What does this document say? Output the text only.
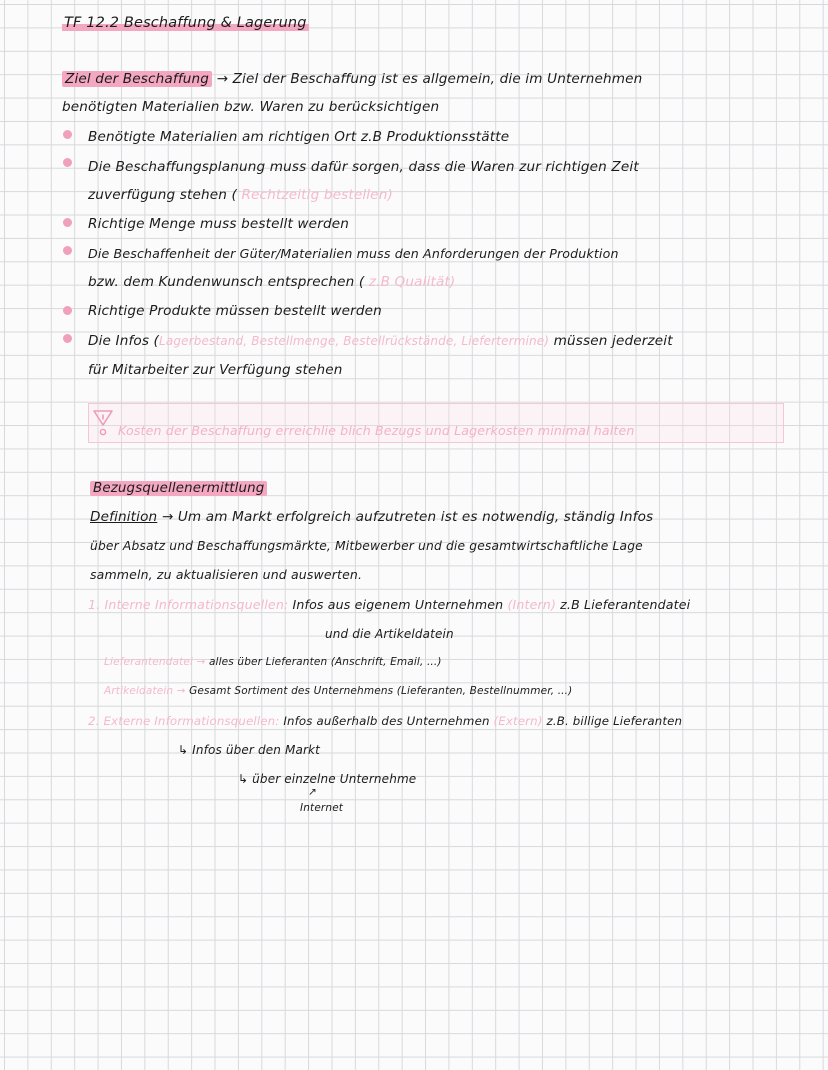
TF 12.2 Beschaffung & Lagerung
Ziel der Beschaffung → Ziel der Beschaffung ist es allgemein, die im Unternehmen
benötigten Materialien bzw. Waren zu berücksichtigen
Benötigte Materialien am richtigen Ort z.B Produktionsstätte
Die Beschaffungsplanung muss dafür sorgen, dass die Waren zur richtigen Zeit
zuverfügung stehen ( Rechtzeitig bestellen)
Richtige Menge muss bestellt werden
Die Beschaffenheit der Güter/Materialien muss den Anforderungen der Produktion
bzw. dem Kundenwunsch entsprechen ( z.B Qualität)
Richtige Produkte müssen bestellt werden
Die Infos (Lagerbestand, Bestellmenge, Bestellrückstände, Liefertermine) müssen jederzeit
für Mitarbeiter zur Verfügung stehen
Kosten der Beschaffung erreichlie blich Bezugs und Lagerkosten minimal halten
Bezugsquellenermittlung
Definition → Um am Markt erfolgreich aufzutreten ist es notwendig, ständig Infos
über Absatz und Beschaffungsmärkte, Mitbewerber und die gesamtwirtschaftliche Lage
sammeln, zu aktualisieren und auswerten.
1. Interne Informationsquellen: Infos aus eigenem Unternehmen (Intern) z.B Lieferantendatei
und die Artikeldatein
Lieferantendatei → alles über Lieferanten (Anschrift, Email, ...)
Artikeldatein → Gesamt Sortiment des Unternehmens (Lieferanten, Bestellnummer, ...)
2. Externe Informationsquellen: Infos außerhalb des Unternehmen (Extern) z.B. billige Lieferanten
↳ Infos über den Markt
↳ über einzelne Unternehme
↗
Internet
